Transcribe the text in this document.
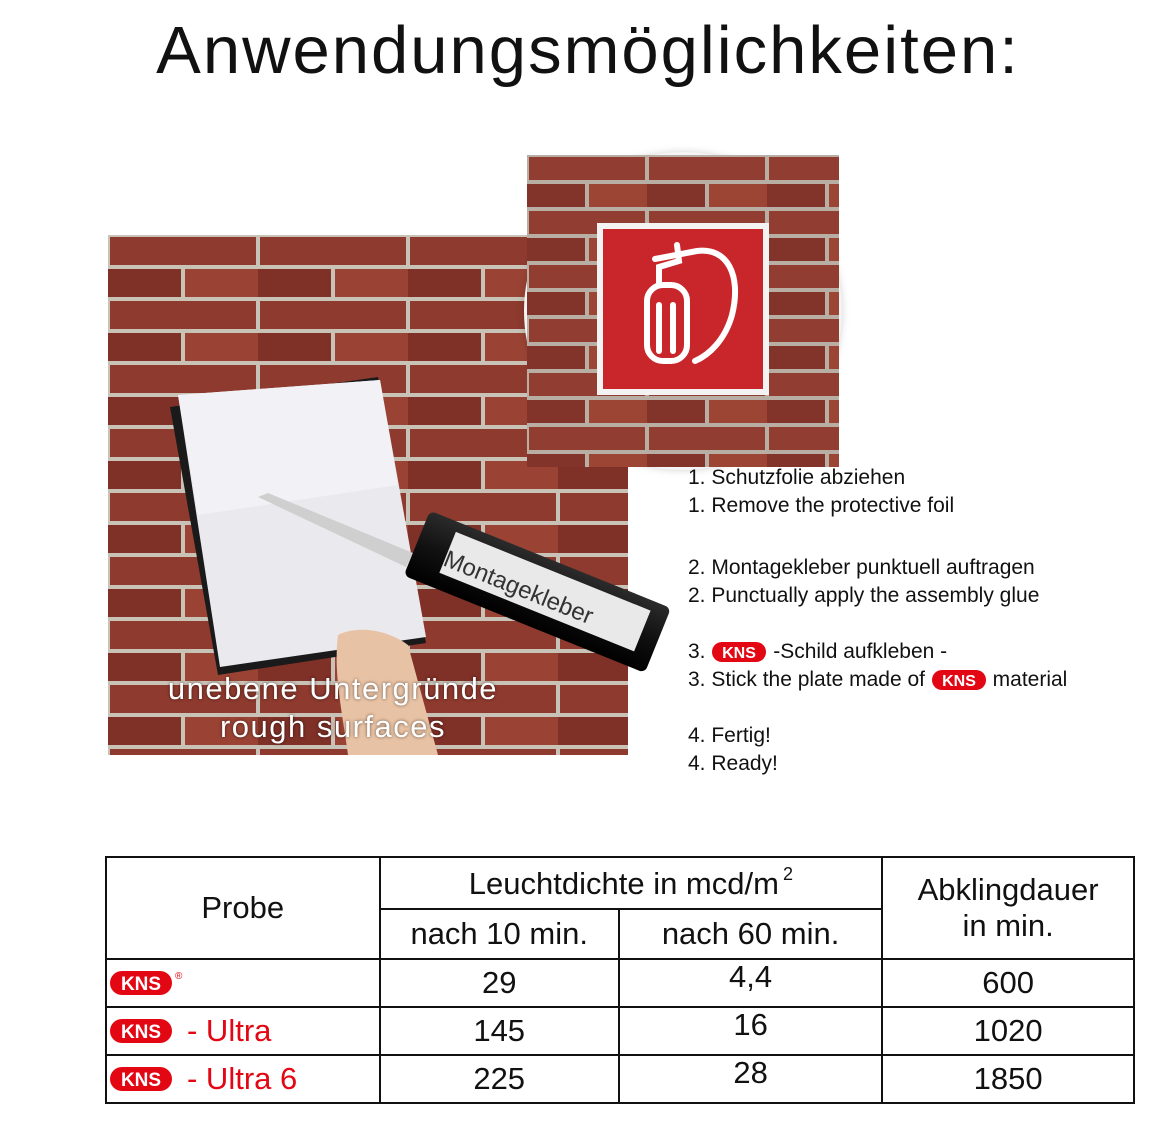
Anwendungsmöglichkeiten:
Montagekleber
unebene Untergründe
rough surfaces
1. Schutzfolie abziehen
1. Remove the protective foil
2. Montagekleber punktuell auftragen
2. Punctually apply the assembly glue
3. KNS -Schild aufkleben -
3. Stick the plate made of KNS material
4. Fertig!
4. Ready!
Probe	Leuchtdichte in mcd/m $^2$		Abklingdauer
in min.

	nach 10 min.	nach 60 min.	

KNS ®	29	4,4	600

KNS - Ultra	145	16	1020

KNS - Ultra 6	225	28	1850
